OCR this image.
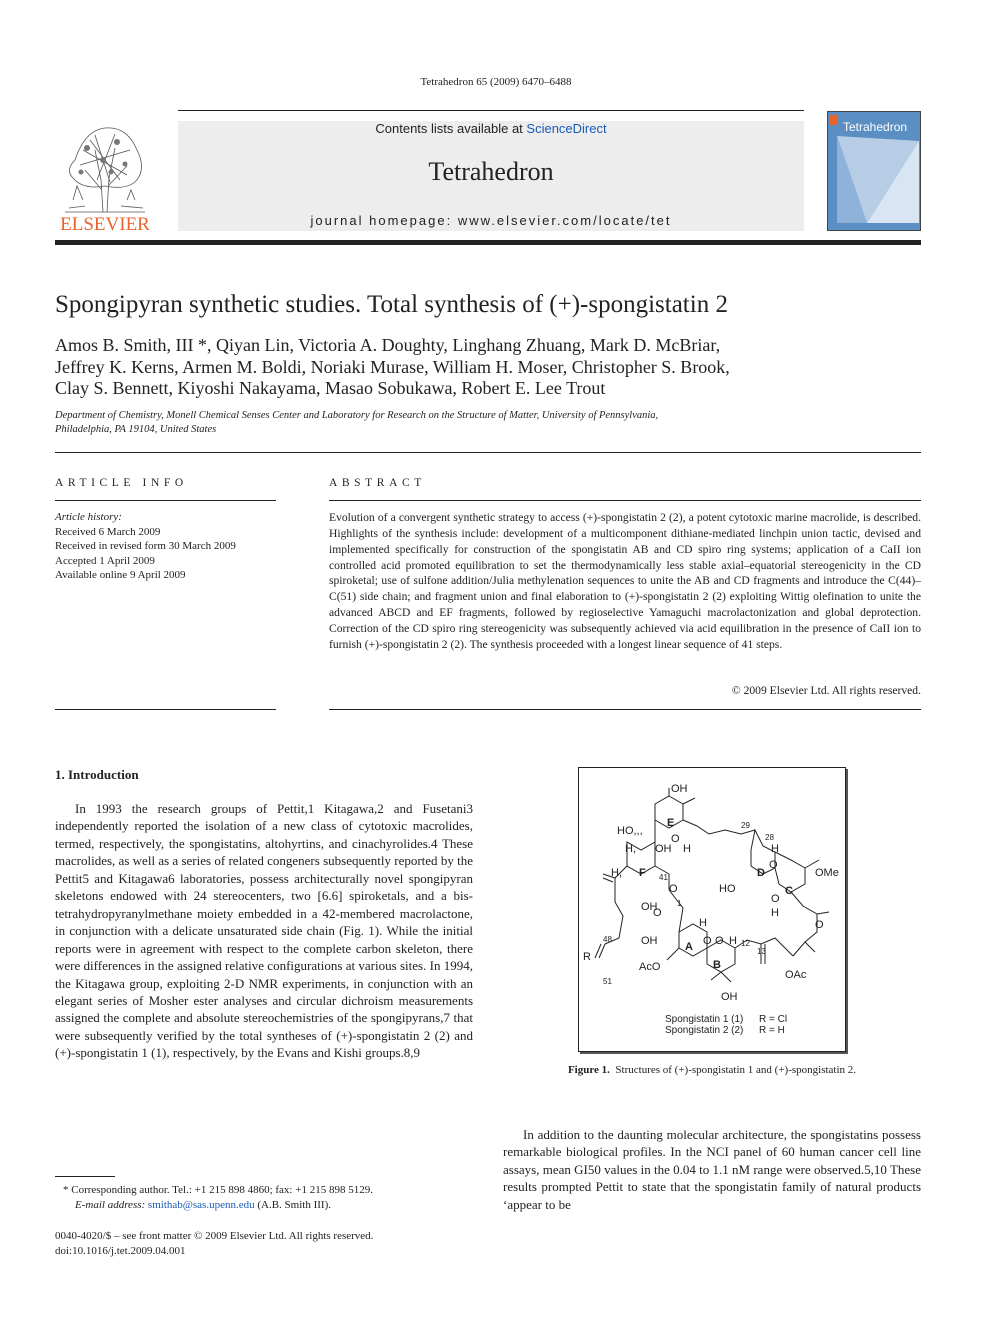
Tetrahedron 65 (2009) 6470–6488
ELSEVIER
Contents lists available at ScienceDirect
Tetrahedron
journal homepage: www.elsevier.com/locate/tet
Tetrahedron
Spongipyran synthetic studies. Total synthesis of (+)-spongistatin 2
Amos B. Smith, III *, Qiyan Lin, Victoria A. Doughty, Linghang Zhuang, Mark D. McBriar,
Jeffrey K. Kerns, Armen M. Boldi, Noriaki Murase, William H. Moser, Christopher S. Brook,
Clay S. Bennett, Kiyoshi Nakayama, Masao Sobukawa, Robert E. Lee Trout
Department of Chemistry, Monell Chemical Senses Center and Laboratory for Research on the Structure of Matter, University of Pennsylvania,
Philadelphia, PA 19104, United States
ARTICLE INFO
Article history:
Received 6 March 2009
Received in revised form 30 March 2009
Accepted 1 April 2009
Available online 9 April 2009
ABSTRACT
Evolution of a convergent synthetic strategy to access (+)-spongistatin 2 (2), a potent cytotoxic marine macrolide, is described. Highlights of the synthesis include: development of a multicomponent dithiane-mediated linchpin union tactic, devised and implemented specifically for construction of the spongistatin AB and CD spiro ring systems; application of a CaII ion controlled acid promoted equilibration to set the thermodynamically less stable axial–equatorial stereogenicity in the CD spiroketal; use of sulfone addition/Julia methylenation sequences to unite the AB and CD fragments and introduce the C(44)–C(51) side chain; and fragment union and final elaboration to (+)-spongistatin 2 (2) exploiting Wittig olefination to unite the advanced ABCD and EF fragments, followed by regioselective Yamaguchi macrolactonization and global deprotection. Correction of the CD spiro ring stereogenicity was subsequently achieved via acid equilibration in the presence of CaII ion to furnish (+)-spongistatin 2 (2). The synthesis proceeded with a longest linear sequence of 41 steps.
© 2009 Elsevier Ltd. All rights reserved.
1. Introduction
In 1993 the research groups of Pettit,1 Kitagawa,2 and Fusetani3 independently reported the isolation of a new class of cytotoxic macrolides, termed, respectively, the spongistatins, altohyrtins, and cinachyrolides.4 These macrolides, as well as a series of related congeners subsequently reported by the Pettit5 and Kitagawa6 laboratories, possess architecturally novel spongipyran skeletons endowed with 24 stereocenters, two [6.6] spiroketals, and a bis-tetrahydropyranylmethane moiety embedded in a 42-membered macrolactone, in conjunction with a delicate unsaturated side chain (Fig. 1). While the initial reports were in agreement with respect to the complete carbon skeleton, there were differences in the assigned relative configurations at various sites. In 1994, the Kitagawa group, exploiting 2-D NMR experiments, in conjunction with an elegant series of Mosher ester analyses and circular dichroism measurements assigned the complete and absolute stereochemistries of the spongipyrans,7 that were subsequently verified by the total syntheses of (+)-spongistatin 2 (2) and (+)-spongistatin 1 (1), respectively, by the Evans and Kishi groups.8,9
* Corresponding author. Tel.: +1 215 898 4860; fax: +1 215 898 5129.
E-mail address: smithab@sas.upenn.edu (A.B. Smith III).
0040-4020/$ – see front matter © 2009 Elsevier Ltd. All rights reserved.
doi:10.1016/j.tet.2009.04.001
OH
E
HO,,,
H,
O
OH H
29
28
H
O
D
C
OMe
HO
O
H
H, F 41
O
O
1
OH
O
H
48	OH	A O H 12
13
O
R
AcO	B
OAc
51
OH
Spongistatin 1 (1) R = Cl
Spongistatin 2 (2) R = H
Figure 1. Structures of (+)-spongistatin 1 and (+)-spongistatin 2.
In addition to the daunting molecular architecture, the spongistatins possess remarkable biological profiles. In the NCI panel of 60 human cancer cell line assays, mean GI50 values in the 0.04 to 1.1 nM range were observed.5,10 These results prompted Pettit to state that the spongistatin family of natural products ‘appear to be
